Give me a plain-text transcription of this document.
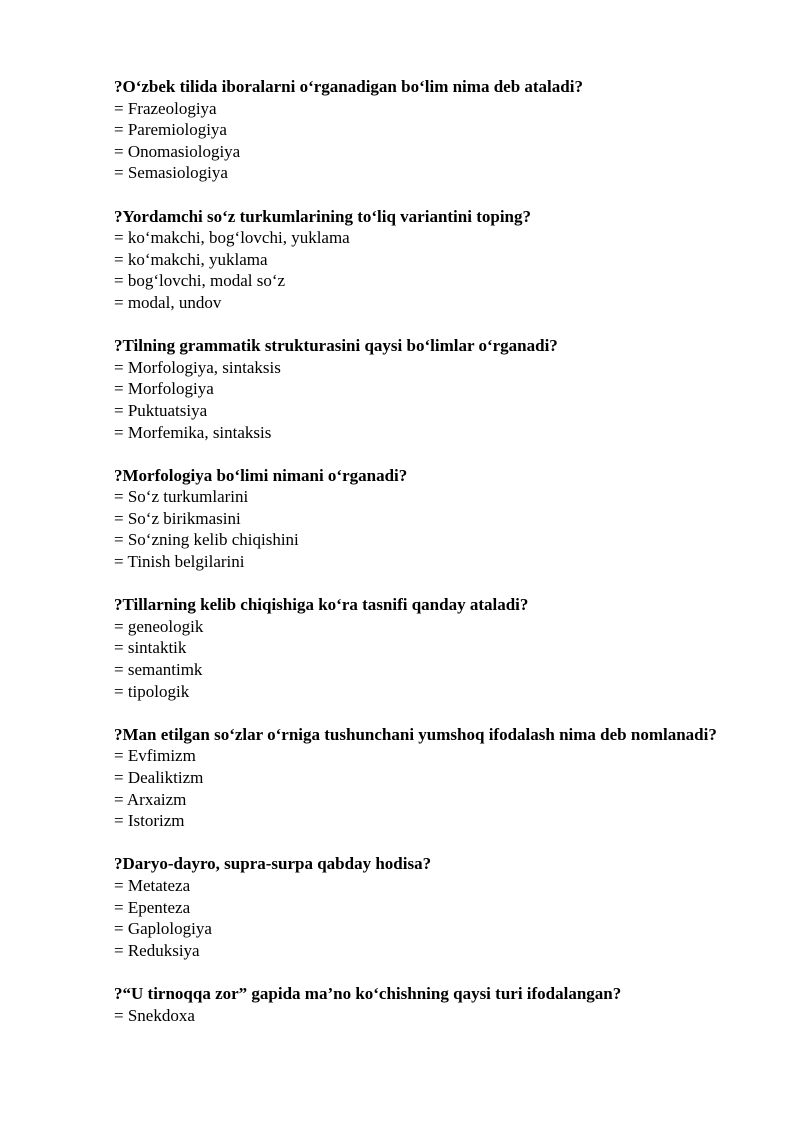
?O‘zbek tilida iboralarni o‘rganadigan bo‘lim nima deb ataladi?

= Frazeologiya

= Paremiologiya

= Onomasiologiya

= Semasiologiya

?Yordamchi so‘z turkumlarining to‘liq variantini toping?

= ko‘makchi, bog‘lovchi, yuklama

= ko‘makchi, yuklama

= bog‘lovchi, modal so‘z

= modal, undov

?Tilning grammatik strukturasini qaysi bo‘limlar o‘rganadi?

= Morfologiya, sintaksis

= Morfologiya

= Puktuatsiya

= Morfemika, sintaksis

?Morfologiya bo‘limi nimani o‘rganadi?

= So‘z turkumlarini

= So‘z birikmasini

= So‘zning kelib chiqishini

= Tinish belgilarini

?Tillarning kelib chiqishiga ko‘ra tasnifi qanday ataladi?

= geneologik

= sintaktik

= semantimk

= tipologik

?Man etilgan so‘zlar o‘rniga tushunchani yumshoq ifodalash nima deb nomlanadi?

= Evfimizm

= Dealiktizm

= Arxaizm

= Istorizm

?Daryo-dayro, supra-surpa qabday hodisa?

= Metateza

= Epenteza

= Gaplologiya

= Reduksiya

?“U tirnoqqa zor” gapida ma’no ko‘chishning qaysi turi ifodalangan?

= Snekdoxa
